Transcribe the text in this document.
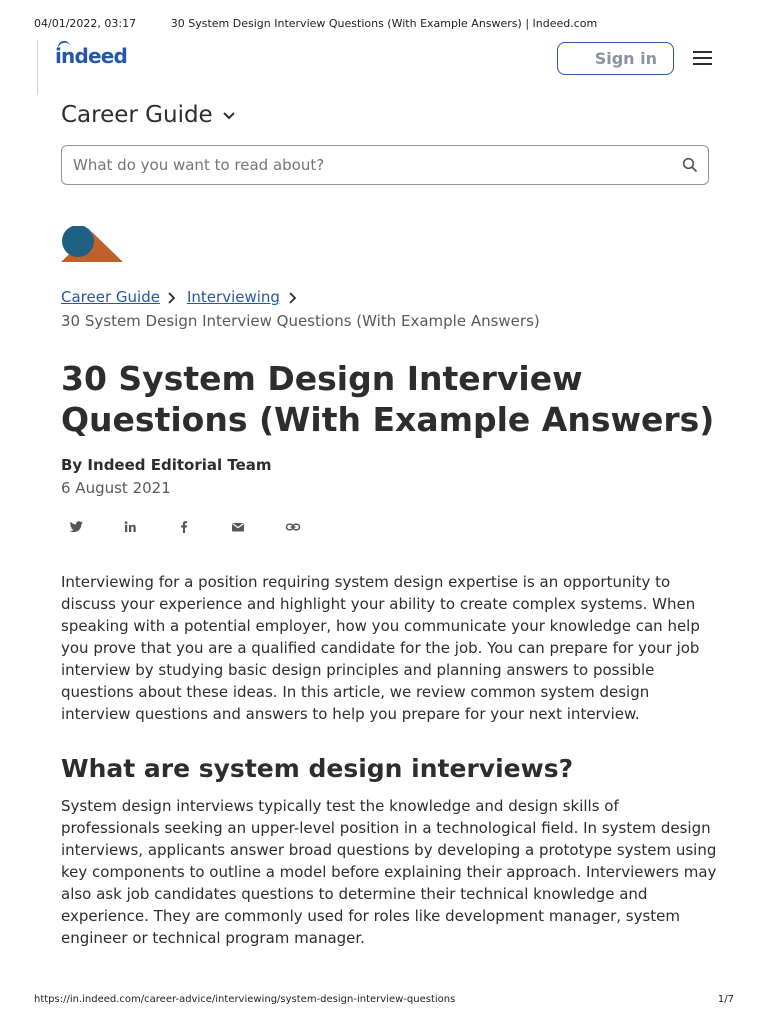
04/01/2022, 03:17	30 System Design Interview Questions (With Example Answers) | Indeed.com
indeed	Sign in
Career Guide
What do you want to read about?
Career Guide Interviewing
30 System Design Interview Questions (With Example Answers)
30 System Design Interview Questions (With Example Answers)
By Indeed Editorial Team
6 August 2021

Interviewing for a position requiring system design expertise is an opportunity to discuss your experience and highlight your ability to create complex systems. When speaking with a potential employer, how you communicate your knowledge can help you prove that you are a qualified candidate for the job. You can prepare for your job interview by studying basic design principles and planning answers to possible questions about these ideas. In this article, we review common system design interview questions and answers to help you prepare for your next interview.

What are system design interviews?

System design interviews typically test the knowledge and design skills of professionals seeking an upper-level position in a technological field. In system design interviews, applicants answer broad questions by developing a prototype system using key components to outline a model before explaining their approach. Interviewers may also ask job candidates questions to determine their technical knowledge and experience. They are commonly used for roles like development manager, system engineer or technical program manager.

https://in.indeed.com/career-advice/interviewing/system-design-interview-questions	1/7
